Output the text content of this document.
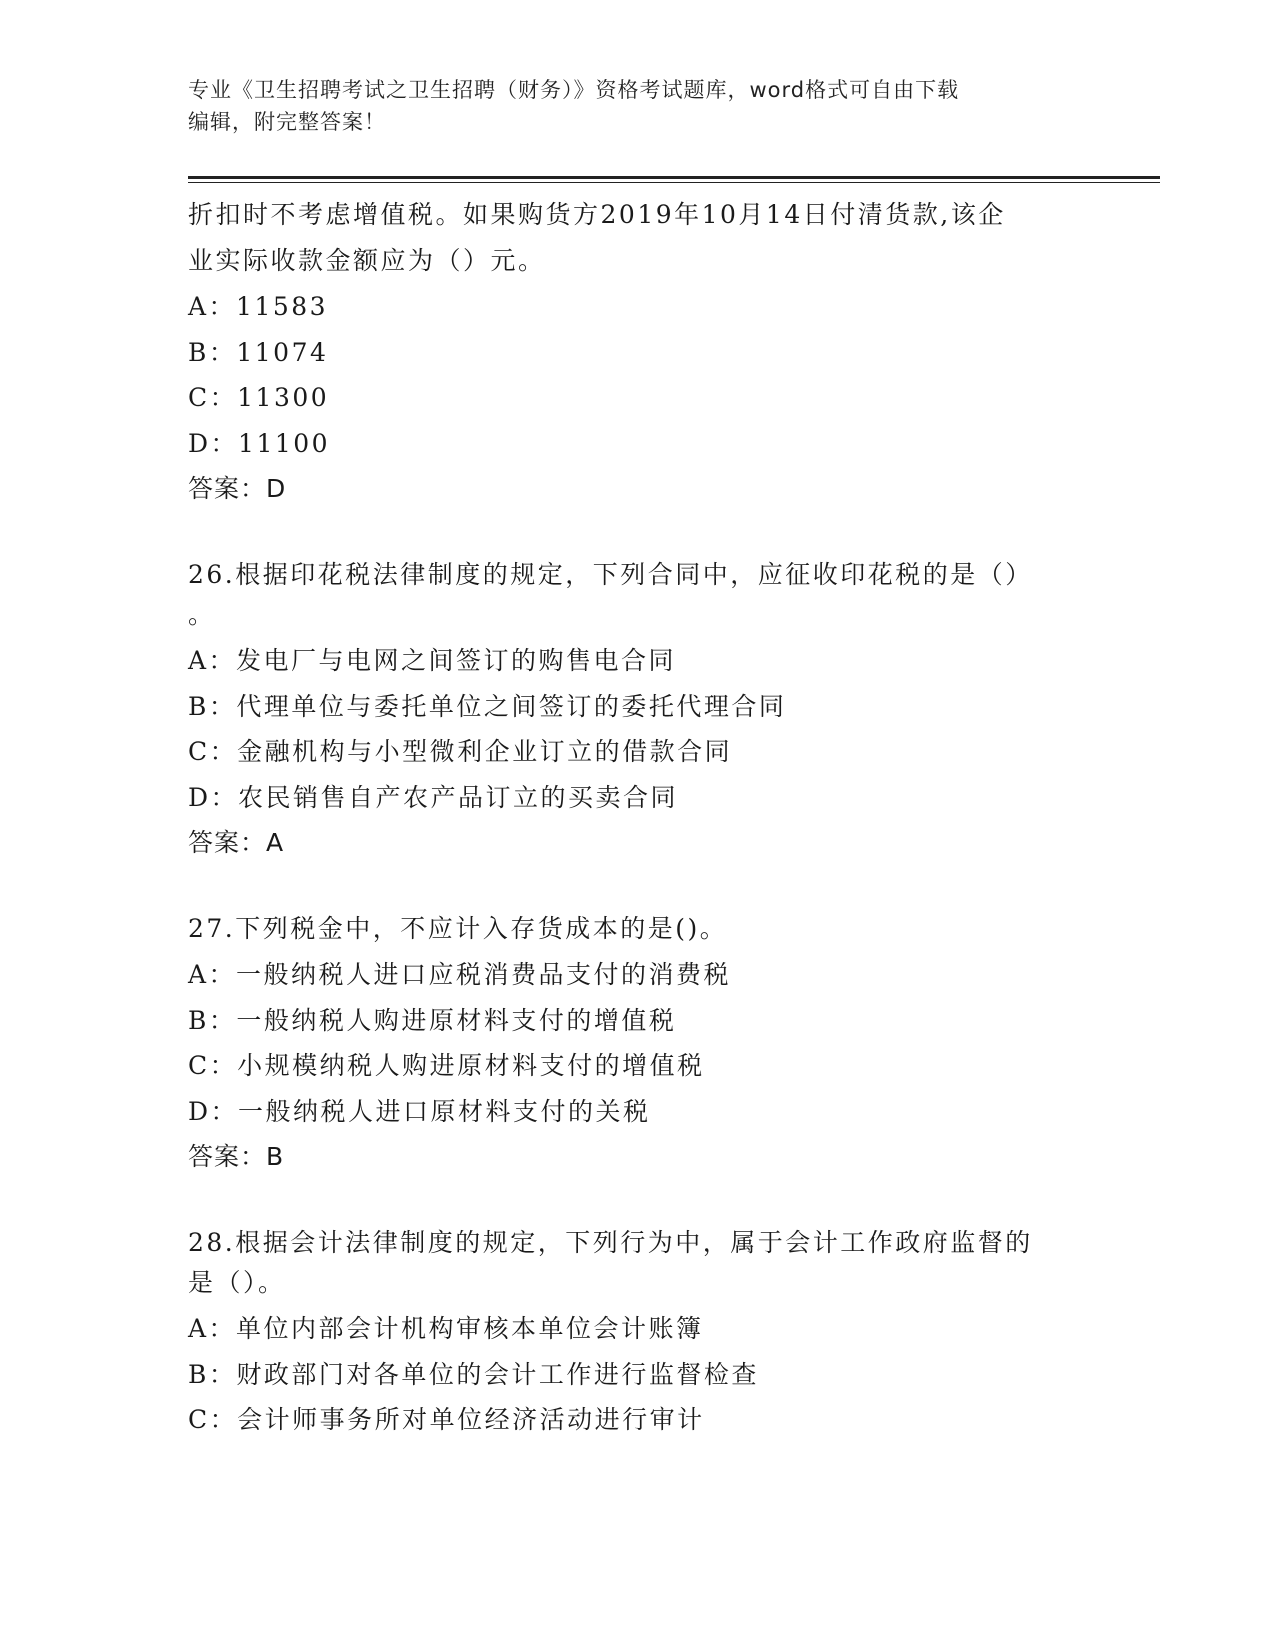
专业《卫生招聘考试之卫生招聘（财务）》资格考试题库，word格式可自由下载
编辑，附完整答案！
折扣时不考虑增值税。如果购货方2019年10月14日付清货款,该企
业实际收款金额应为（）元。
A：11583
B：11074
C：11300
D：11100
答案：D
26.根据印花税法律制度的规定，下列合同中，应征收印花税的是（）
。
A：发电厂与电网之间签订的购售电合同
B：代理单位与委托单位之间签订的委托代理合同
C：金融机构与小型微利企业订立的借款合同
D：农民销售自产农产品订立的买卖合同
答案：A
27.下列税金中，不应计入存货成本的是()。
A：一般纳税人进口应税消费品支付的消费税
B：一般纳税人购进原材料支付的增值税
C：小规模纳税人购进原材料支付的增值税
D：一般纳税人进口原材料支付的关税
答案：B
28.根据会计法律制度的规定，下列行为中，属于会计工作政府监督的
是（）。
A：单位内部会计机构审核本单位会计账簿
B：财政部门对各单位的会计工作进行监督检查
C：会计师事务所对单位经济活动进行审计
